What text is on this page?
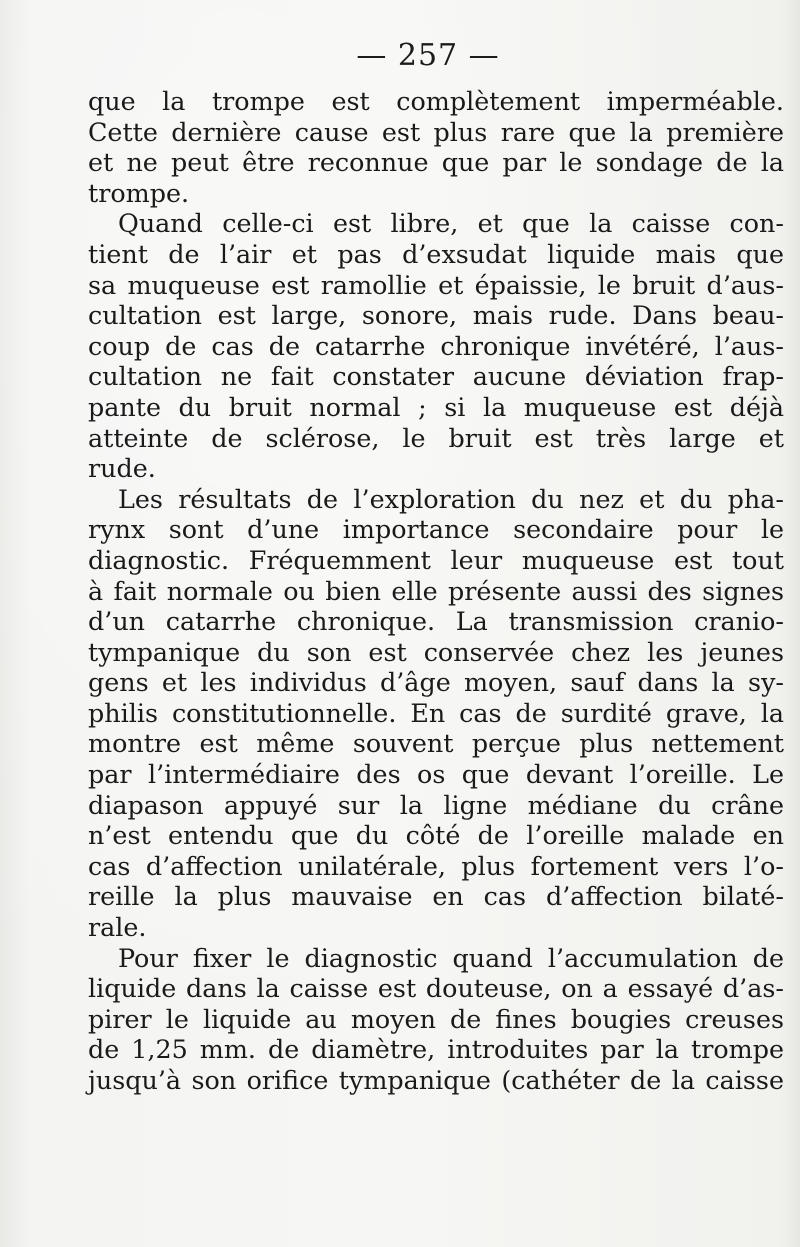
— 257 —
que la trompe est complètement imperméable.
Cette dernière cause est plus rare que la première
et ne peut être reconnue que par le sondage de la
trompe.
Quand celle-ci est libre, et que la caisse con-
tient de l’air et pas d’exsudat liquide mais que
sa muqueuse est ramollie et épaissie, le bruit d’aus-
cultation est large, sonore, mais rude. Dans beau-
coup de cas de catarrhe chronique invétéré, l’aus-
cultation ne fait constater aucune déviation frap-
pante du bruit normal ; si la muqueuse est déjà
atteinte de sclérose, le bruit est très large et
rude.
Les résultats de l’exploration du nez et du pha-
rynx sont d’une importance secondaire pour le
diagnostic. Fréquemment leur muqueuse est tout
à fait normale ou bien elle présente aussi des signes
d’un catarrhe chronique. La transmission cranio-
tympanique du son est conservée chez les jeunes
gens et les individus d’âge moyen, sauf dans la sy-
philis constitutionnelle. En cas de surdité grave, la
montre est même souvent perçue plus nettement
par l’intermédiaire des os que devant l’oreille. Le
diapason appuyé sur la ligne médiane du crâne
n’est entendu que du côté de l’oreille malade en
cas d’affection unilatérale, plus fortement vers l’o-
reille la plus mauvaise en cas d’affection bilaté-
rale.
Pour fixer le diagnostic quand l’accumulation de
liquide dans la caisse est douteuse, on a essayé d’as-
pirer le liquide au moyen de fines bougies creuses
de 1,25 mm. de diamètre, introduites par la trompe
jusqu’à son orifice tympanique (cathéter de la caisse
